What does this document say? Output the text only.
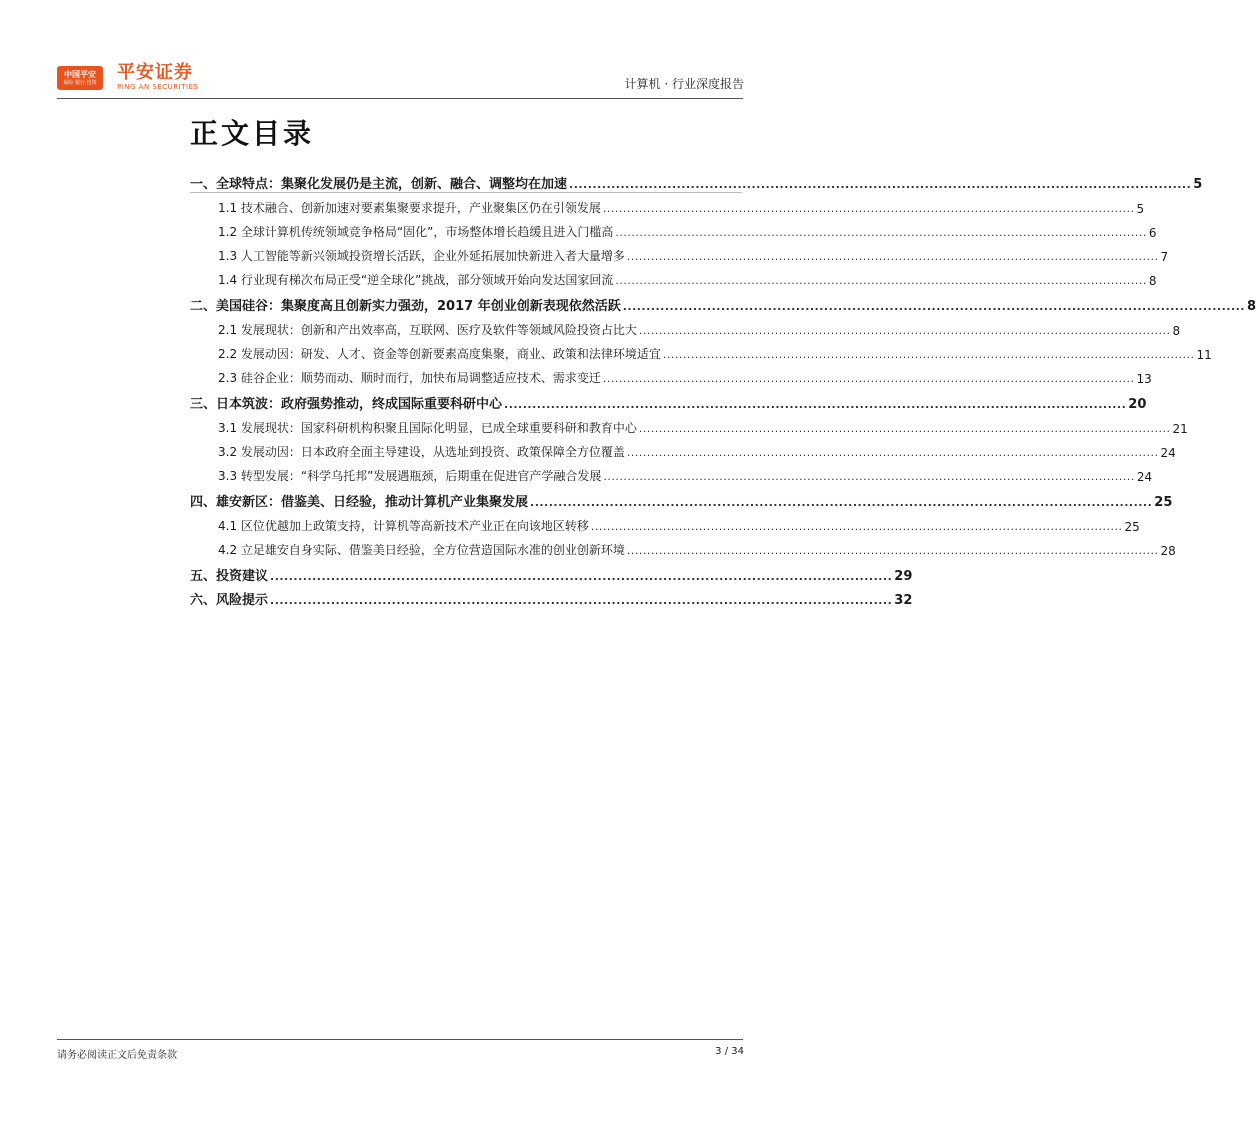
中国平安
保险·银行·投资 平安证券
PING AN SECURITIES	计算机 · 行业深度报告
正文目录
一、全球特点：集聚化发展仍是主流，创新、融合、调整均在加速 ..................................................................................................................................... 5
1.1 技术融合、创新加速对要素集聚要求提升，产业聚集区仍在引领发展 ..................................................................................................................................... 5
1.2 全球计算机传统领域竞争格局“固化”，市场整体增长趋缓且进入门槛高 ..................................................................................................................................... 6
1.3 人工智能等新兴领域投资增长活跃，企业外延拓展加快新进入者大量增多 ..................................................................................................................................... 7
1.4 行业现有梯次布局正受“逆全球化”挑战，部分领域开始向发达国家回流 ..................................................................................................................................... 8
二、美国硅谷：集聚度高且创新实力强劲，2017 年创业创新表现依然活跃 ..................................................................................................................................... 8
2.1 发展现状：创新和产出效率高，互联网、医疗及软件等领域风险投资占比大 ..................................................................................................................................... 8
2.2 发展动因：研发、人才、资金等创新要素高度集聚，商业、政策和法律环境适宜 ..................................................................................................................................... 11
2.3 硅谷企业：顺势而动、顺时而行，加快布局调整适应技术、需求变迁 ..................................................................................................................................... 13
三、日本筑波：政府强势推动，终成国际重要科研中心 ..................................................................................................................................... 20
3.1 发展现状：国家科研机构积聚且国际化明显，已成全球重要科研和教育中心 ..................................................................................................................................... 21
3.2 发展动因：日本政府全面主导建设，从选址到投资、政策保障全方位覆盖 ..................................................................................................................................... 24
3.3 转型发展：“科学乌托邦”发展遇瓶颈，后期重在促进官产学融合发展 ..................................................................................................................................... 24
四、雄安新区：借鉴美、日经验，推动计算机产业集聚发展 ..................................................................................................................................... 25
4.1 区位优越加上政策支持，计算机等高新技术产业正在向该地区转移 ..................................................................................................................................... 25
4.2 立足雄安自身实际、借鉴美日经验，全方位营造国际水准的创业创新环境 ..................................................................................................................................... 28
五、投资建议 ..................................................................................................................................... 29
六、风险提示 ..................................................................................................................................... 32
请务必阅读正文后免责条款	3 / 34
